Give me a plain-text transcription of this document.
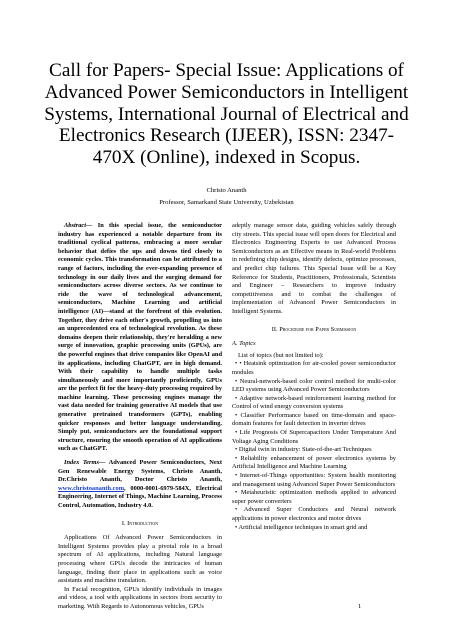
Call for Papers- Special Issue: Applications of Advanced Power Semiconductors in Intelligent Systems, International Journal of Electrical and Electronics Research (IJEER), ISSN: 2347-470X (Online), indexed in Scopus.
Christo Ananth
Professor, Samarkand State University, Uzbekistan

Abstract— In this special issue, the semiconductor industry has experienced a notable departure from its traditional cyclical patterns, embracing a more secular behavior that defies the ups and downs tied closely to economic cycles. This transformation can be attributed to a range of factors, including the ever-expanding presence of technology in our daily lives and the surging demand for semiconductors across diverse sectors. As we continue to ride the wave of technological advancement, semiconductors, Machine Learning and artificial intelligence (AI)—stand at the forefront of this evolution. Together, they drive each other's growth, propelling us into an unprecedented era of technological revolution. As these domains deepen their relationship, they're heralding a new surge of innovation, graphic processing units (GPUs), are the powerful engines that drive companies like OpenAI and its applications, including ChatGPT, are in high demand. With their capability to handle multiple tasks simultaneously and more importantly proficiently, GPUs are the perfect fit for the heavy-duty processing required by machine learning. These processing engines manage the vast data needed for training generative AI models that use generative pretrained transformers (GPTs), enabling quicker responses and better language understanding. Simply put, semiconductors are the foundational support structure, ensuring the smooth operation of AI applications such as ChatGPT.

Index Terms— Advanced Power Semiconductors, Next Gen Renewable Energy Systems, Christo Ananth, Dr.Christo Ananth, Doctor Christo Ananth, www.christoananth.com, 0000-0001-6979-584X, Electrical Engineering, Internet of Things, Machine Learning, Process Control, Automation, Industry 4.0.

I. Introduction

Applications Of Advanced Power Semiconductors in Intelligent Systems provides play a pivotal role in a broad spectrum of AI applications, including Natural language processing where GPUs decode the intricacies of human language, finding their place in applications such as voice assistants and machine translation.

In Facial recognition, GPUs identify individuals in images and videos, a tool with applications in sectors from security to marketing. With Regards to Autonomous vehicles, GPUs

adeptly manage sensor data, guiding vehicles safely through city streets. This special issue will open doors for Electrical and Electronics Engineering Experts to use Advanced Process Semiconductors as an Effective means in Real-world Problems in redefining chip designs, identify defects, optimize processes, and predict chip failures. This Special Issue will be a Key Reference for Students, Practitioners, Professionals, Scientists and Engineer – Researchers to improve industry competitiveness and to combat the challenges of implementation of Advanced Power Semiconductors in Intelligent Systems.

II. Procedure for Paper Submission
A. Topics

List of topics (but not limited to):

• • Heatsink optimization for air-cooled power semiconductor modules

• Neural-network-based color control method for multi-color LED systems using Advanced Power Semiconductors

• Adaptive network-based reinforcement learning method for Control of wind energy conversion systems

• Classifier Performance based on time-domain and space-domain features for fault detection in inverter drives

• Life Prognosis Of Supercapacitors Under Temperature And Voltage Aging Conditions

• Digital twin in industry: State-of-the-art Techniques

• Reliability enhancement of power electronics systems by Artificial Intelligence and Machine Learning

• Internet-of-Things opportunities: System health monitoring and management using Advanced Super Power Semiconductors

• Metaheuristic optimization methods applied to advanced super power converters

• Advanced Super Conductors and Neural network applications in power electronics and motor drives

• Artificial intelligence techniques in smart grid and

1
